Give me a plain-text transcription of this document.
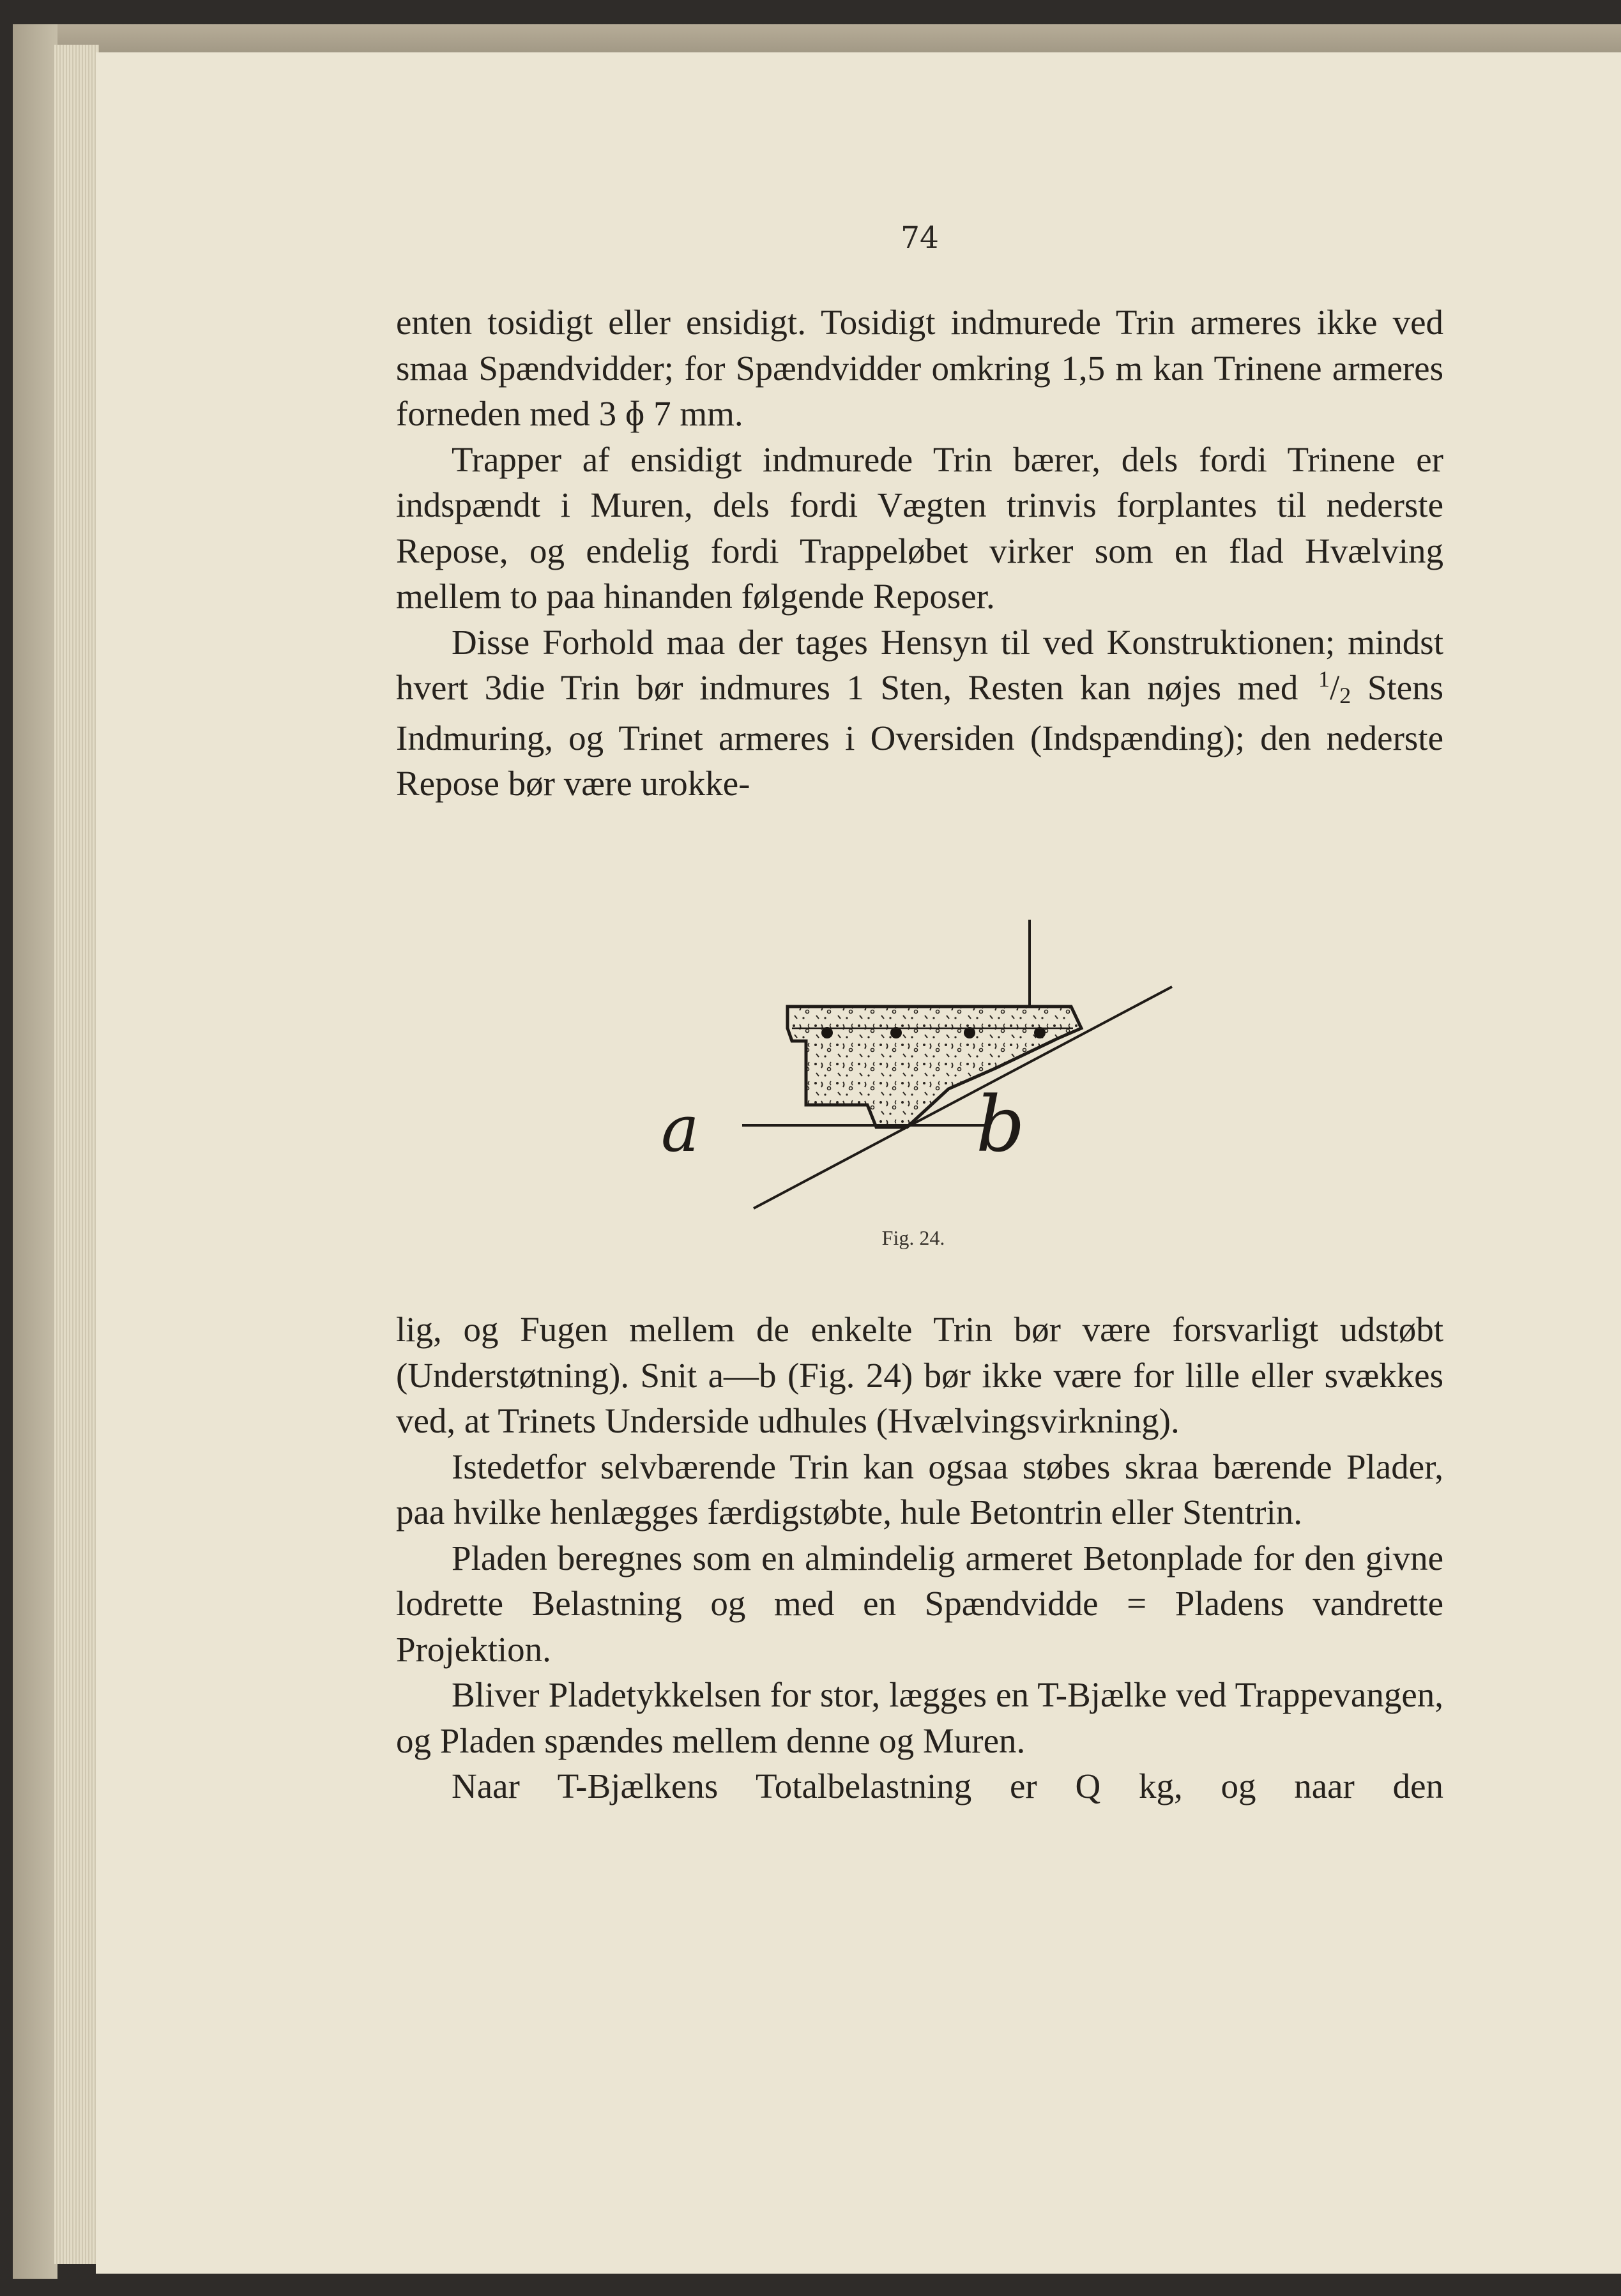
74

enten tosidigt eller ensidigt. Tosidigt indmurede Trin armeres ikke ved smaa Spændvidder; for Spændvidder omkring 1,5 m kan Trinene armeres forneden med 3 ɸ 7 mm.

Trapper af ensidigt indmurede Trin bærer, dels fordi Trinene er indspændt i Muren, dels fordi Vægten trinvis forplantes til nederste Repose, og endelig fordi Trappeløbet virker som en flad Hvælving mellem to paa hinanden følgende Reposer.

Disse Forhold maa der tages Hensyn til ved Konstruktionen; mindst hvert 3die Trin bør indmures 1 Sten, Resten kan nøjes med $^1$/2 Stens Indmuring, og Trinet armeres i Oversiden (Indspænding); den nederste Repose bør være urokke-

a	b

Fig. 24.

lig, og Fugen mellem de enkelte Trin bør være forsvarligt udstøbt (Understøtning). Snit a—b (Fig. 24) bør ikke være for lille eller svækkes ved, at Trinets Underside udhules (Hvælvingsvirkning).

Istedetfor selvbærende Trin kan ogsaa støbes skraa bærende Plader, paa hvilke henlægges færdigstøbte, hule Betontrin eller Stentrin.

Pladen beregnes som en almindelig armeret Betonplade for den givne lodrette Belastning og med en Spændvidde = Pladens vandrette Projektion.

Bliver Pladetykkelsen for stor, lægges en T-Bjælke ved Trappevangen, og Pladen spændes mellem denne og Muren.

Naar T-Bjælkens Totalbelastning er Q kg, og naar den
